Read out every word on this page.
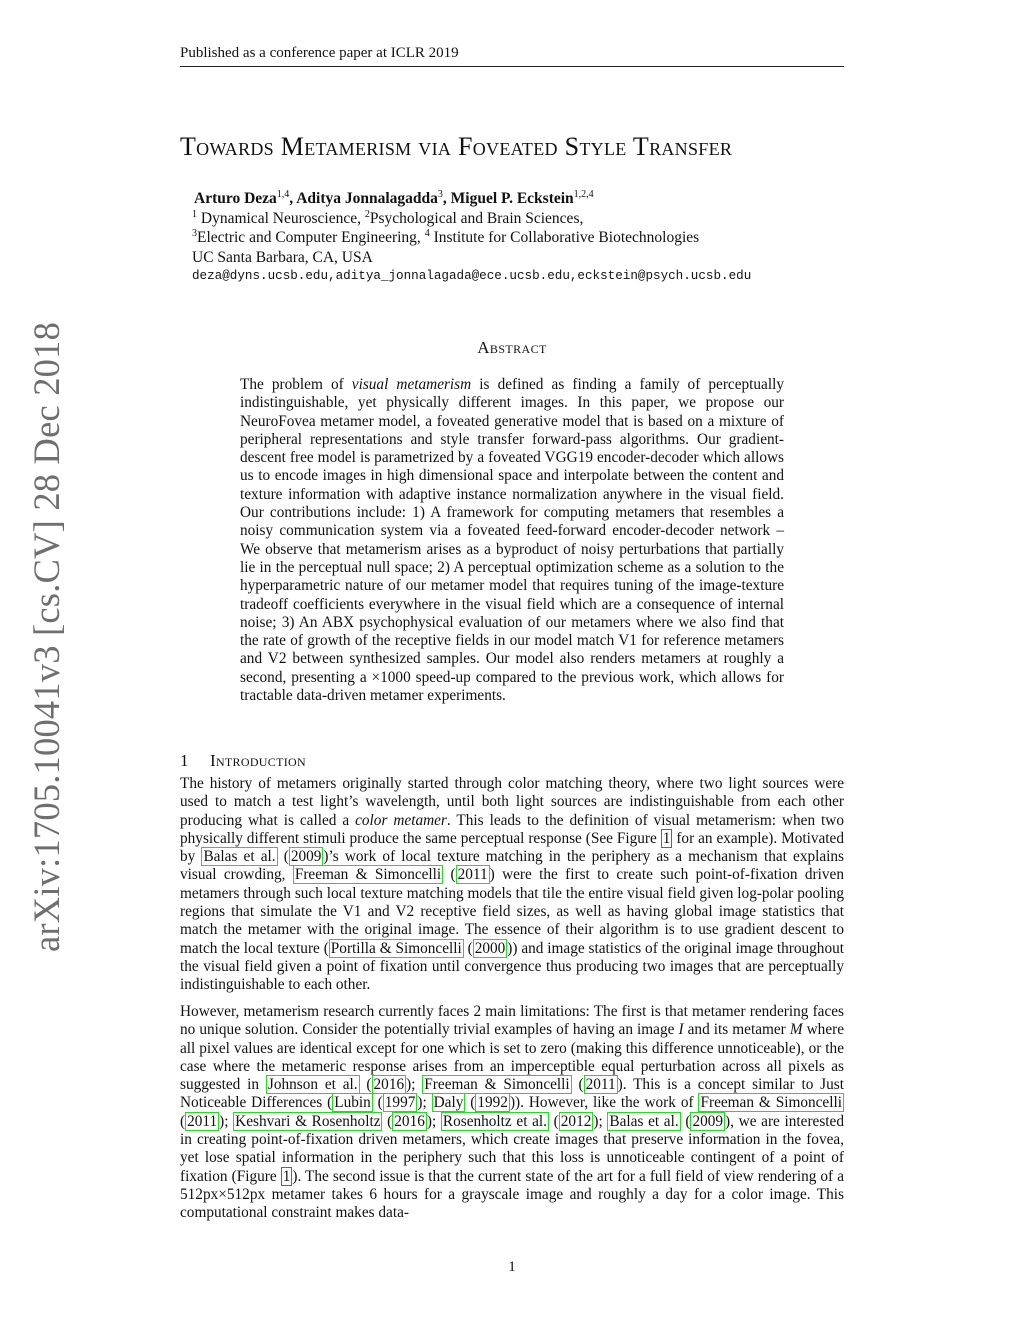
Published as a conference paper at ICLR 2019
arXiv:1705.10041v3 [cs.CV] 28 Dec 2018
Towards Metamerism via Foveated Style Transfer
Arturo Deza$^{1,4}$, Aditya Jonnalagadda$^3$, Miguel P. Eckstein$^{1,2,4}$
$^1$ Dynamical Neuroscience, $^2$Psychological and Brain Sciences,
$^3$Electric and Computer Engineering, $^4$ Institute for Collaborative Biotechnologies
UC Santa Barbara, CA, USA
deza@dyns.ucsb.edu,aditya_jonnalagada@ece.ucsb.edu,eckstein@psych.ucsb.edu
Abstract
The problem of visual metamerism is defined as finding a family of perceptually indistinguishable, yet physically different images. In this paper, we propose our NeuroFovea metamer model, a foveated generative model that is based on a mixture of peripheral representations and style transfer forward-pass algorithms. Our gradient-descent free model is parametrized by a foveated VGG19 encoder-decoder which allows us to encode images in high dimensional space and interpolate between the content and texture information with adaptive instance normalization anywhere in the visual field. Our contributions include: 1) A framework for computing metamers that resembles a noisy communication system via a foveated feed-forward encoder-decoder network – We observe that metamerism arises as a byproduct of noisy perturbations that partially lie in the perceptual null space; 2) A perceptual optimization scheme as a solution to the hyperparametric nature of our metamer model that requires tuning of the image-texture tradeoff coefficients everywhere in the visual field which are a consequence of internal noise; 3) An ABX psychophysical evaluation of our metamers where we also find that the rate of growth of the receptive fields in our model match V1 for reference metamers and V2 between synthesized samples. Our model also renders metamers at roughly a second, presenting a ×1000 speed-up compared to the previous work, which allows for tractable data-driven metamer experiments.
1 Introduction
The history of metamers originally started through color matching theory, where two light sources were used to match a test light’s wavelength, until both light sources are indistinguishable from each other producing what is called a color metamer. This leads to the definition of visual metamerism: when two physically different stimuli produce the same perceptual response (See Figure 1 for an example). Motivated by Balas et al. ( 2009 )’s work of local texture matching in the periphery as a mechanism that explains visual crowding, Freeman & Simoncelli ( 2011 ) were the first to create such point-of-fixation driven metamers through such local texture matching models that tile the entire visual field given log-polar pooling regions that simulate the V1 and V2 receptive field sizes, as well as having global image statistics that match the metamer with the original image. The essence of their algorithm is to use gradient descent to match the local texture ( Portilla & Simoncelli ( 2000 )) and image statistics of the original image throughout the visual field given a point of fixation until convergence thus producing two images that are perceptually indistinguishable to each other.
However, metamerism research currently faces 2 main limitations: The first is that metamer rendering faces no unique solution. Consider the potentially trivial examples of having an image I and its metamer M where all pixel values are identical except for one which is set to zero (making this difference unnoticeable), or the case where the metameric response arises from an imperceptible equal perturbation across all pixels as suggested in Johnson et al. ( 2016 ); Freeman & Simoncelli ( 2011 ). This is a concept similar to Just Noticeable Differences ( Lubin ( 1997 ); Daly ( 1992 )). However, like the work of Freeman & Simoncelli ( 2011 ); Keshvari & Rosenholtz ( 2016 ); Rosenholtz et al. ( 2012 ); Balas et al. ( 2009 ), we are interested in creating point-of-fixation driven metamers, which create images that preserve information in the fovea, yet lose spatial information in the periphery such that this loss is unnoticeable contingent of a point of fixation (Figure 1 ). The second issue is that the current state of the art for a full field of view rendering of a 512px×512px metamer takes 6 hours for a grayscale image and roughly a day for a color image. This computational constraint makes data-
1
